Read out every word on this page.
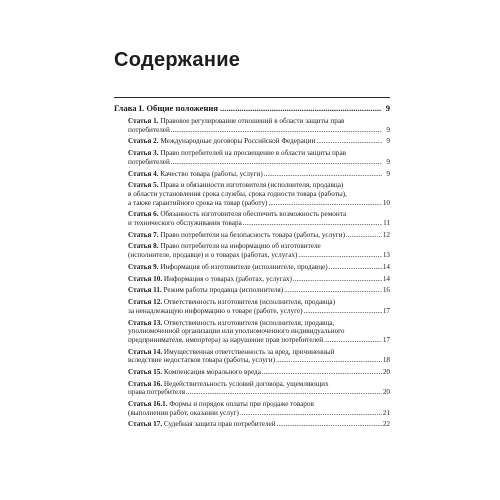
Содержание
Глава I. Общие положения .....	9
Статья 1.
Правовое регулирование отношений в области защиты прав
потребителей .....	9
Статья 2.
Международные договоры Российской Федерации .....	9
Статья 3.
Право потребителей на просвещение в области защиты прав
потребителей .....	9
Статья 4.
Качество товара (работы, услуги) .....	9
Статья 5.
Права и обязанности изготовителя (исполнителя, продавца)
в области установления срока службы, срока годности товара (работы),
а также гарантийного срока на товар (работу) .....	10
Статья 6.
Обязанность изготовителя обеспечить возможность ремонта
и технического обслуживания товара .....	11
Статья 7.
Право потребителя на безопасность товара (работы, услуги) .....	12
Статья 8.
Право потребителя на информацию об изготовителе
(исполнителе, продавце) и о товарах (работах, услугах) .....	13
Статья 9.
Информация об изготовителе (исполнителе, продавце) .....	14
Статья 10.
Информация о товарах (работах, услугах) .....	14
Статья 11.
Режим работы продавца (исполнителя) .....	16
Статья 12.
Ответственность изготовителя (исполнителя, продавца)
за ненадлежащую информацию о товаре (работе, услуге) .....	17
Статья 13.
Ответственность изготовителя (исполнителя, продавца,
уполномоченной организации или уполномоченного индивидуального
предпринимателя, импортера) за нарушение прав потребителей .....	17
Статья 14.
Имущественная ответственность за вред, причиненный
вследствие недостатков товара (работы, услуги) .....	18
Статья 15.
Компенсация морального вреда .....	20
Статья 16.
Недействительность условий договора, ущемляющих
права потребителя .....	20
Статья 16.1.
Формы и порядок оплаты при продаже товаров
(выполнении работ, оказании услуг) .....	21
Статья 17.
Судебная защита прав потребителей .....	22
